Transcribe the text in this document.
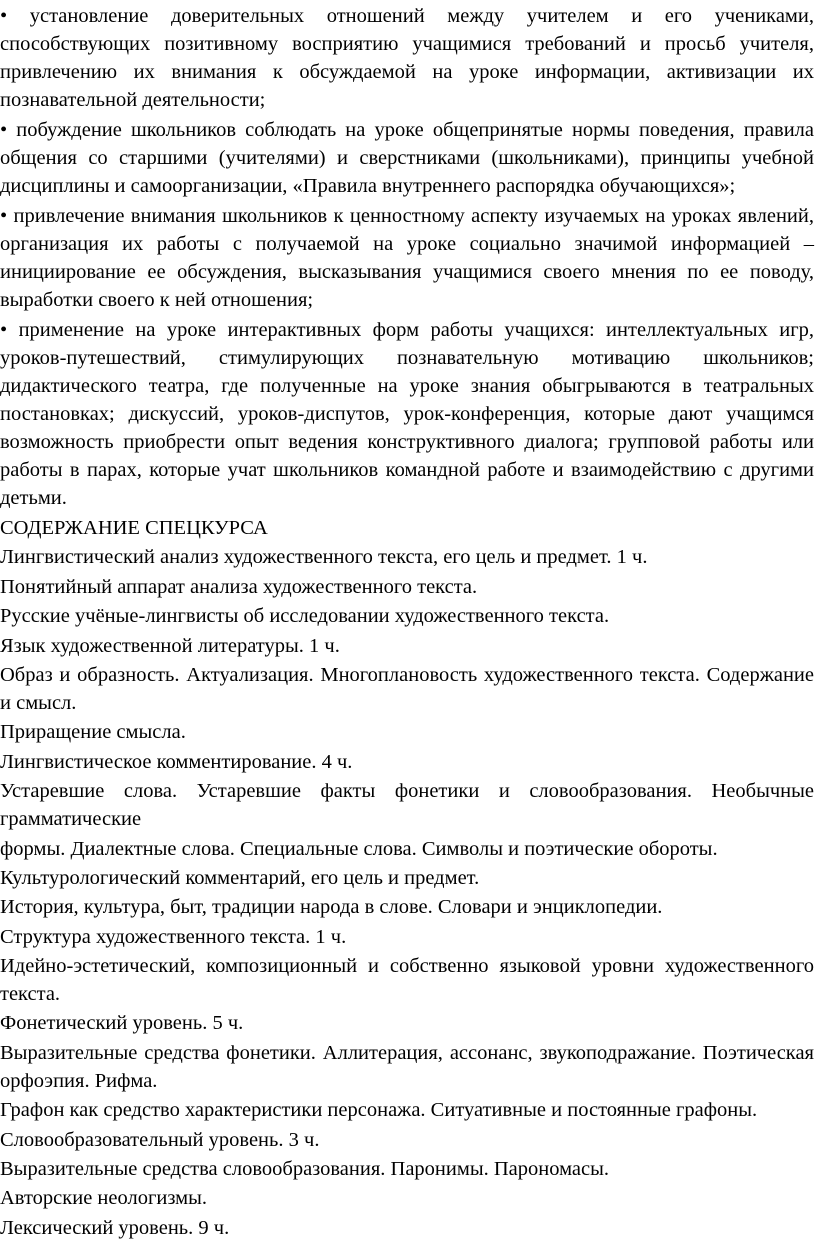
• установление доверительных отношений между учителем и его учениками, способствующих позитивному восприятию учащимися требований и просьб учителя, привлечению их внимания к обсуждаемой на уроке информации, активизации их познавательной деятельности;

• побуждение школьников соблюдать на уроке общепринятые нормы поведения, правила общения со старшими (учителями) и сверстниками (школьниками), принципы учебной дисциплины и самоорганизации, «Правила внутреннего распорядка обучающихся»;

• привлечение внимания школьников к ценностному аспекту изучаемых на уроках явлений, организация их работы с получаемой на уроке социально значимой информацией – инициирование ее обсуждения, высказывания учащимися своего мнения по ее поводу, выработки своего к ней отношения;

• применение на уроке интерактивных форм работы учащихся: интеллектуальных игр, уроков-путешествий, стимулирующих познавательную мотивацию школьников; дидактического театра, где полученные на уроке знания обыгрываются в театральных постановках; дискуссий, уроков-диспутов, урок-конференция, которые дают учащимся возможность приобрести опыт ведения конструктивного диалога; групповой работы или работы в парах, которые учат школьников командной работе и взаимодействию с другими детьми.

СОДЕРЖАНИЕ СПЕЦКУРСА

Лингвистический анализ художественного текста, его цель и предмет. 1 ч.

Понятийный аппарат анализа художественного текста.

Русские учёные-лингвисты об исследовании художественного текста.

Язык художественной литературы. 1 ч.

Образ и образность. Актуализация. Многоплановость художественного текста. Содержание и смысл.

Приращение смысла.

Лингвистическое комментирование. 4 ч.

Устаревшие слова. Устаревшие факты фонетики и словообразования. Необычные грамматические

формы. Диалектные слова. Специальные слова. Символы и поэтические обороты.

Культурологический комментарий, его цель и предмет.

История, культура, быт, традиции народа в слове. Словари и энциклопедии.

Структура художественного текста. 1 ч.

Идейно-эстетический, композиционный и собственно языковой уровни художественного текста.

Фонетический уровень. 5 ч.

Выразительные средства фонетики. Аллитерация, ассонанс, звукоподражание. Поэтическая орфоэпия. Рифма.

Графон как средство характеристики персонажа. Ситуативные и постоянные графоны.

Словообразовательный уровень. 3 ч.

Выразительные средства словообразования. Паронимы. Парономасы.

Авторские неологизмы.

Лексический уровень. 9 ч.
